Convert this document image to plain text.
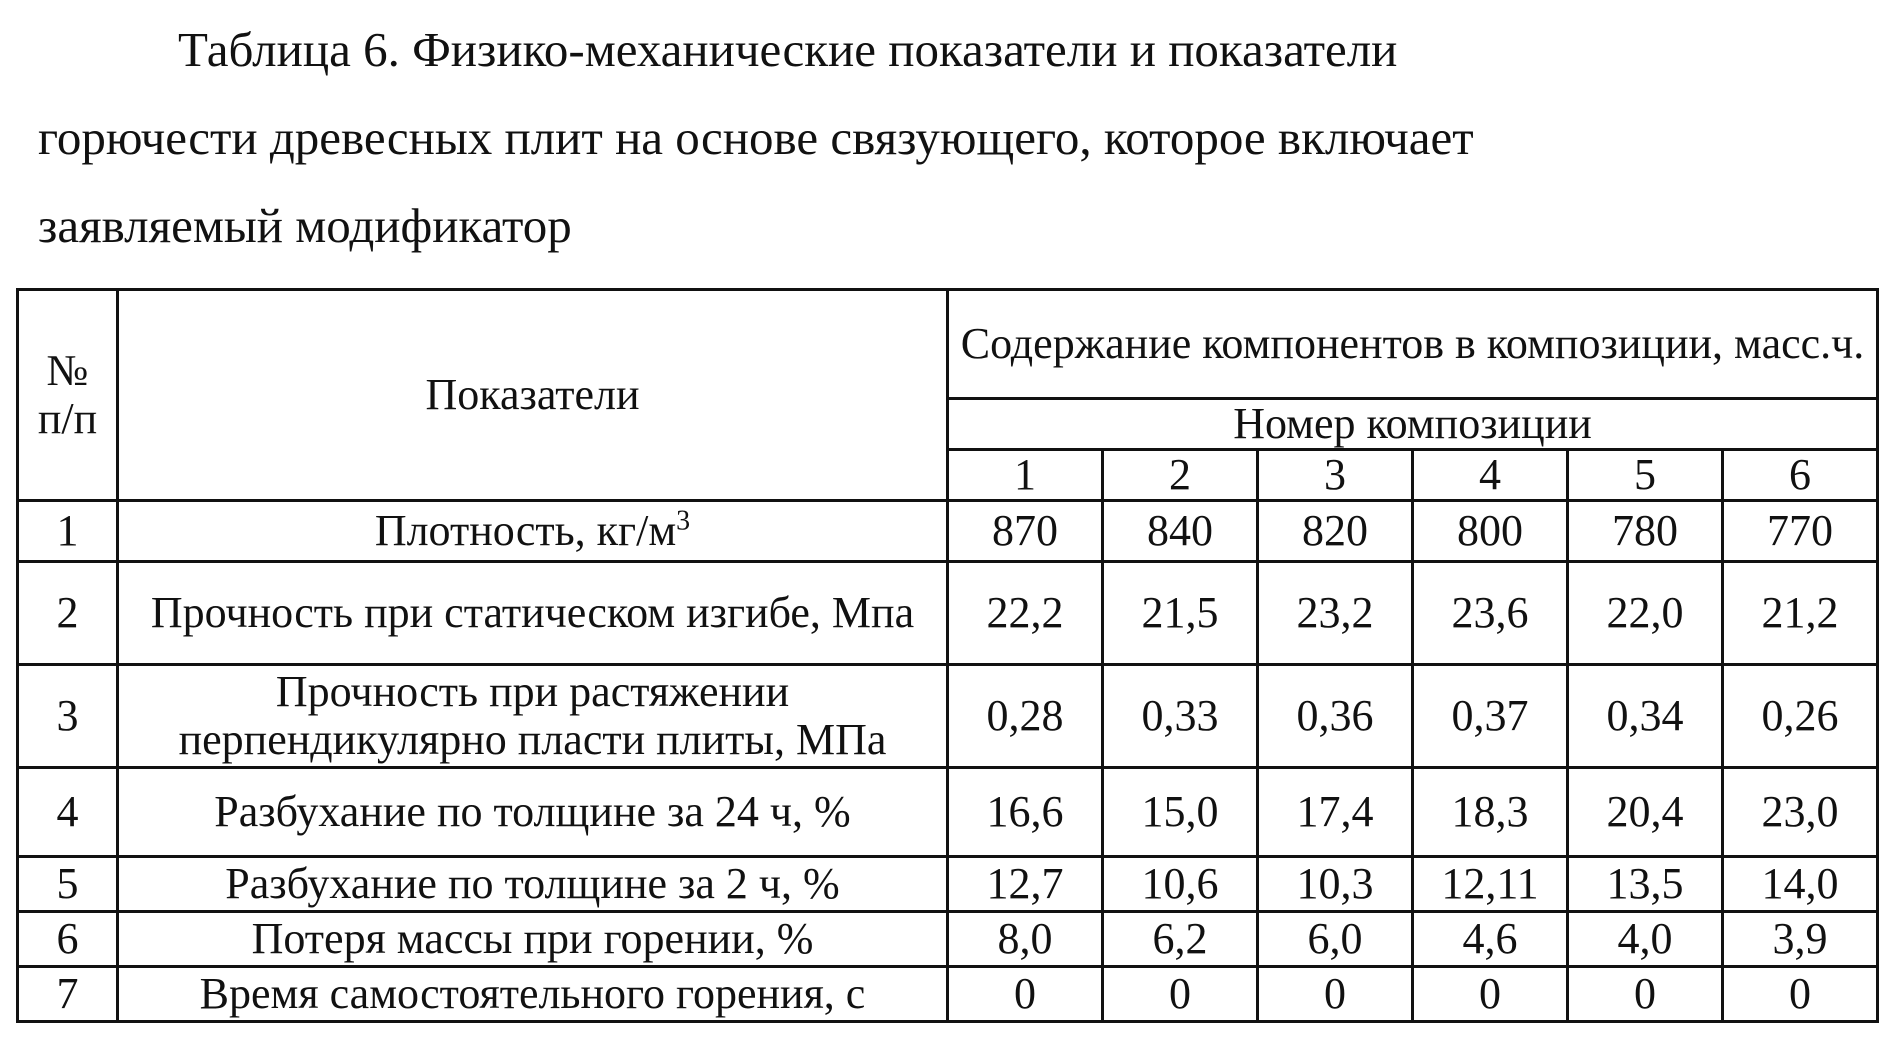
Таблица 6. Физико-механические показатели и показатели
горючести древесных плит на основе связующего, которое включает
заявляемый модификатор
№ п/п	Показатели	Содержание компонентов в композиции, масс.ч.					
		Номер композиции					
		1	2	3	4	5	6
1	Плотность, $кг/м^3$	870	840	820	800	780	770
2	Прочность при статическом изгибе, Мпа	22,2	21,5	23,2	23,6	22,0	21,2
3	Прочность при растяжении перпендикулярно пласти плиты, МПа	0,28	0,33	0,36	0,37	0,34	0,26
4	Разбухание по толщине за 24 ч, %	16,6	15,0	17,4	18,3	20,4	23,0
5	Разбухание по толщине за 2 ч, %	12,7	10,6	10,3	12,11	13,5	14,0
6	Потеря массы при горении, %	8,0	6,2	6,0	4,6	4,0	3,9
7	Время самостоятельного горения, с	0	0	0	0	0	0
